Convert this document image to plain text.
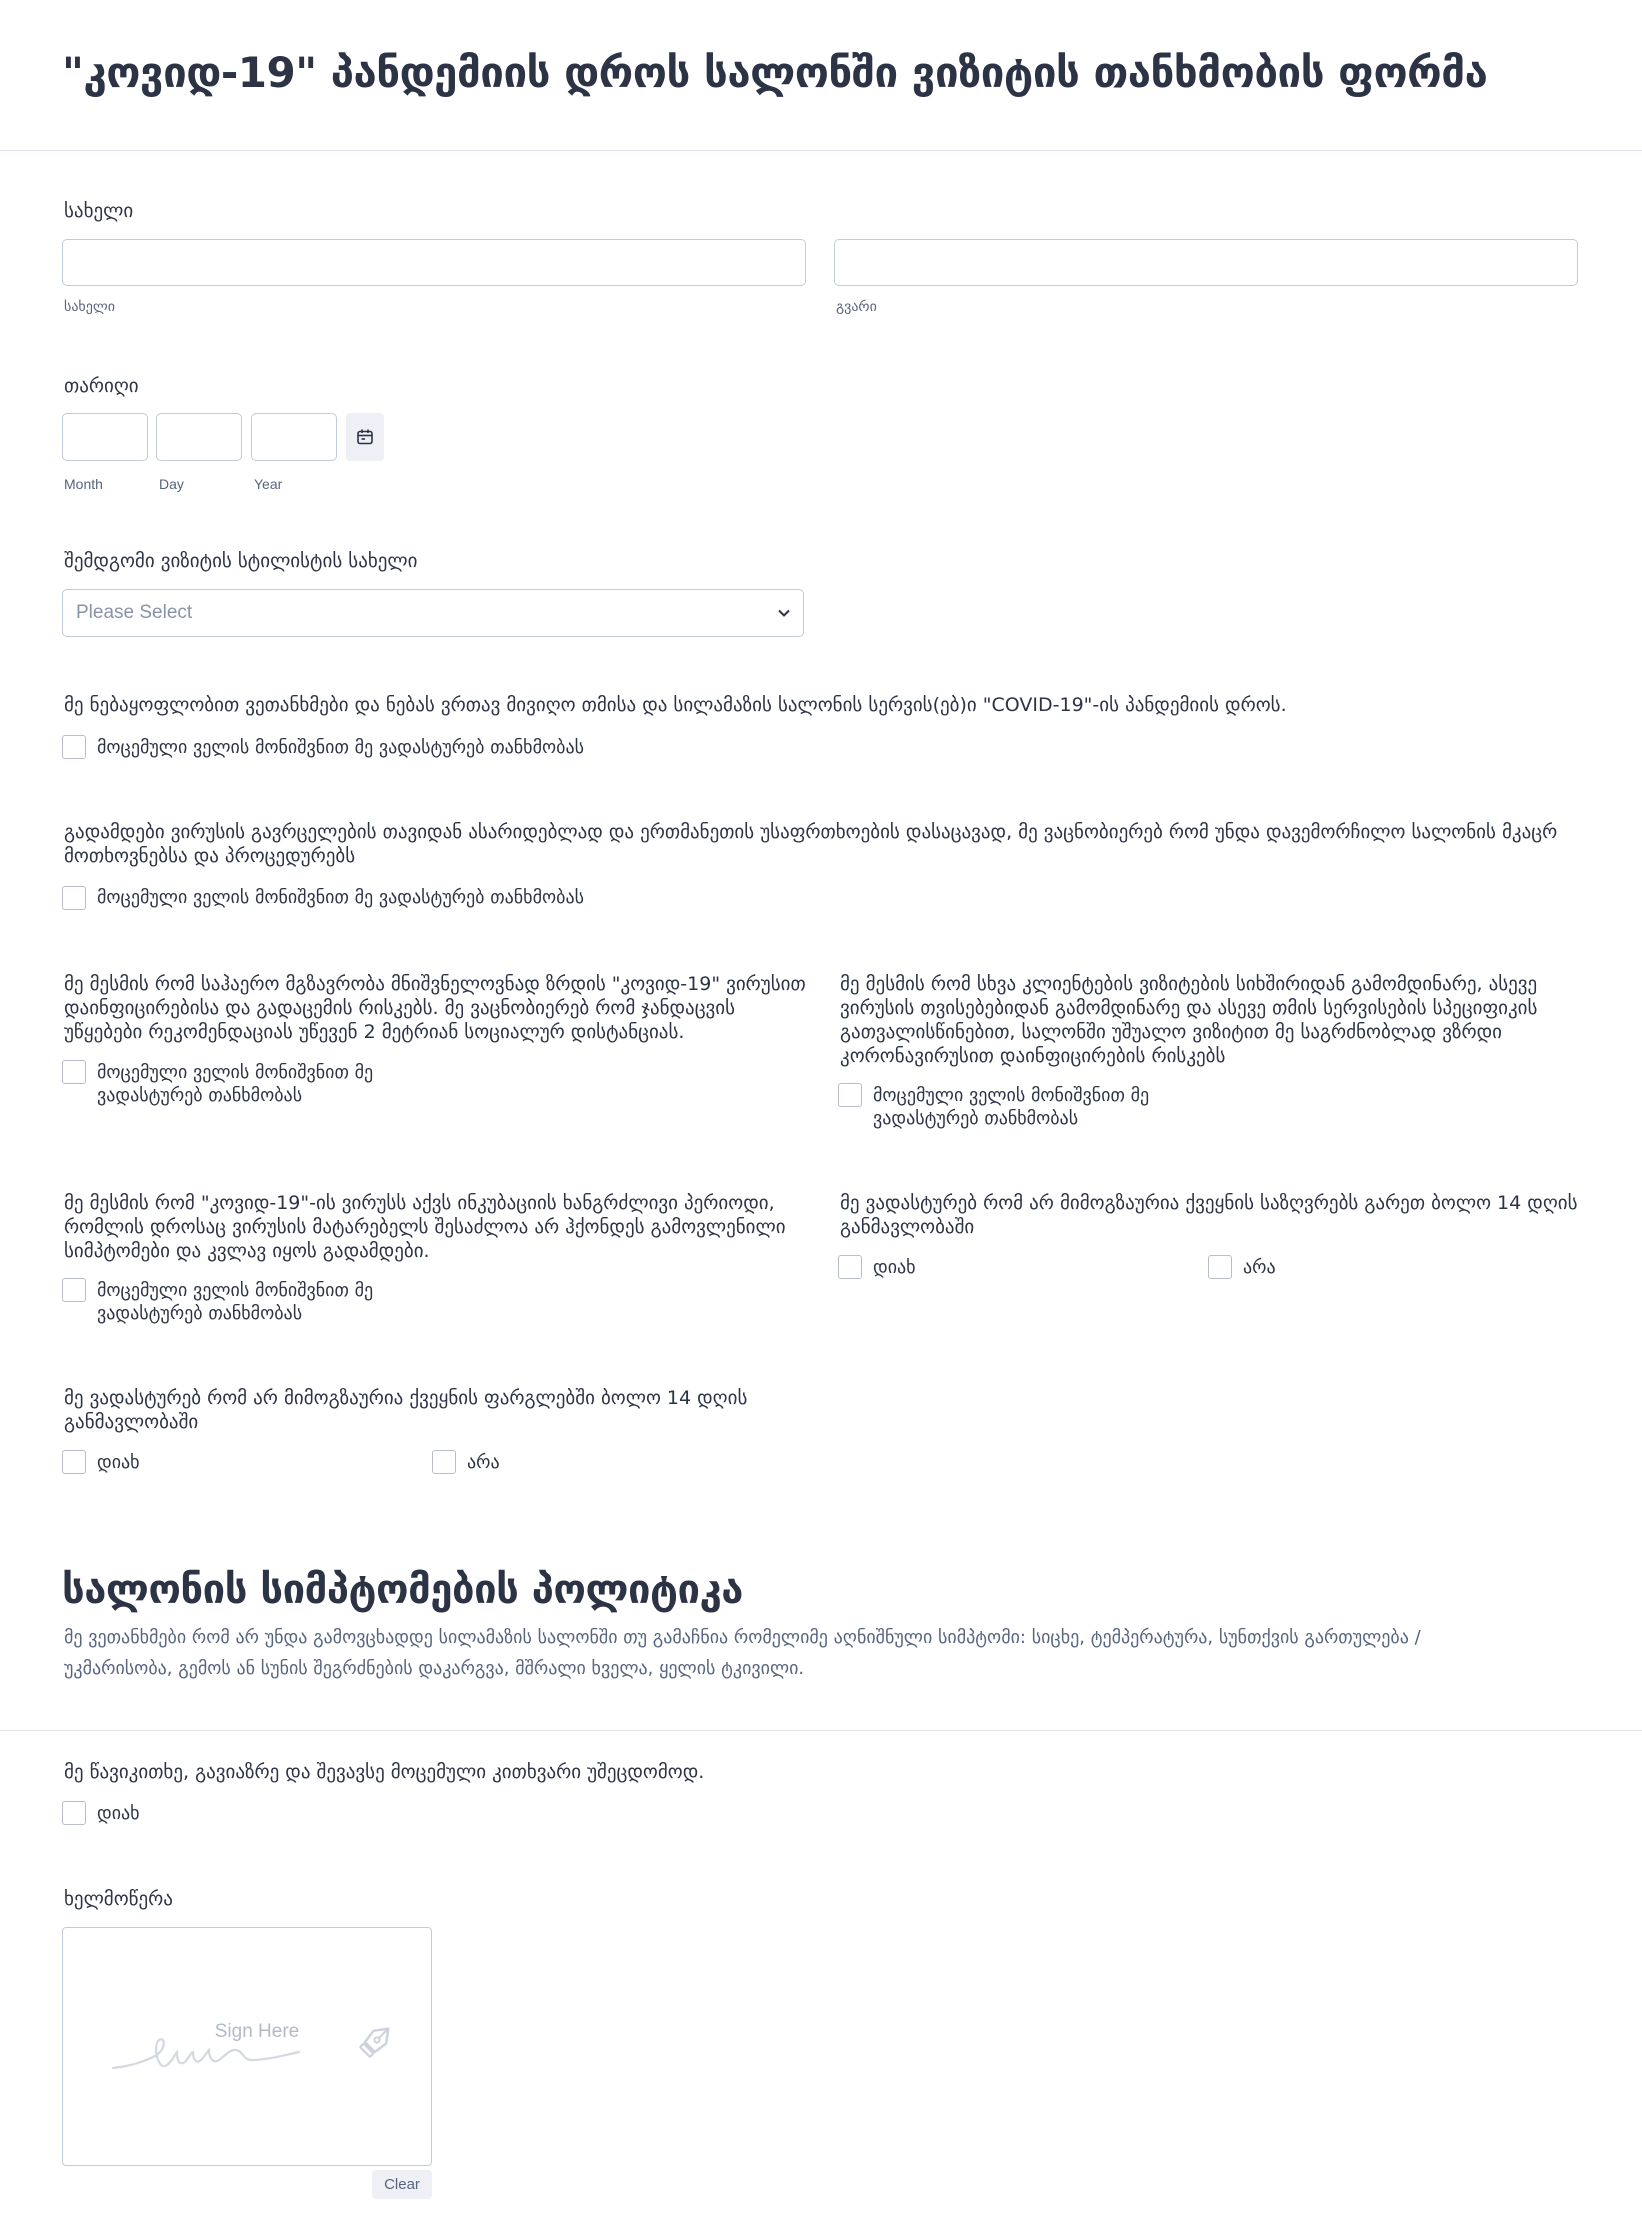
"კოვიდ-19" პანდემიის დროს სალონში ვიზიტის თანხმობის ფორმა
სახელი
სახელი	გვარი
თარიღი
Month	Day	Year
შემდგომი ვიზიტის სტილისტის სახელი
Please Select
მე ნებაყოფლობით ვეთანხმები და ნებას ვრთავ მივიღო თმისა და სილამაზის სალონის სერვის(ებ)ი "COVID-19"-ის პანდემიის დროს.
მოცემული ველის მონიშვნით მე ვადასტურებ თანხმობას
გადამდები ვირუსის გავრცელების თავიდან ასარიდებლად და ერთმანეთის უსაფრთხოების დასაცავად, მე ვაცნობიერებ რომ უნდა დავემორჩილო სალონის მკაცრ
მოთხოვნებსა და პროცედურებს
მოცემული ველის მონიშვნით მე ვადასტურებ თანხმობას
მე მესმის რომ საჰაერო მგზავრობა მნიშვნელოვნად ზრდის "კოვიდ-19" ვირუსით
დაინფიცირებისა და გადაცემის რისკებს. მე ვაცნობიერებ რომ ჯანდაცვის
უწყებები რეკომენდაციას უწევენ 2 მეტრიან სოციალურ დისტანციას.
მოცემული ველის მონიშვნით მე
ვადასტურებ თანხმობას
მე მესმის რომ სხვა კლიენტების ვიზიტების სიხშირიდან გამომდინარე, ასევე
ვირუსის თვისებებიდან გამომდინარე და ასევე თმის სერვისების სპეციფიკის
გათვალისწინებით, სალონში უშუალო ვიზიტით მე საგრძნობლად ვზრდი
კორონავირუსით დაინფიცირების რისკებს
მოცემული ველის მონიშვნით მე
ვადასტურებ თანხმობას
მე მესმის რომ "კოვიდ-19"-ის ვირუსს აქვს ინკუბაციის ხანგრძლივი პერიოდი,
რომლის დროსაც ვირუსის მატარებელს შესაძლოა არ ჰქონდეს გამოვლენილი
სიმპტომები და კვლავ იყოს გადამდები.
მოცემული ველის მონიშვნით მე
ვადასტურებ თანხმობას
მე ვადასტურებ რომ არ მიმოგზაურია ქვეყნის საზღვრებს გარეთ ბოლო 14 დღის
განმავლობაში
დიახ	არა
მე ვადასტურებ რომ არ მიმოგზაურია ქვეყნის ფარგლებში ბოლო 14 დღის
განმავლობაში
დიახ	არა
სალონის სიმპტომების პოლიტიკა
მე ვეთანხმები რომ არ უნდა გამოვცხადდე სილამაზის სალონში თუ გამაჩნია რომელიმე აღნიშნული სიმპტომი: სიცხე, ტემპერატურა, სუნთქვის გართულება /
უკმარისობა, გემოს ან სუნის შეგრძნების დაკარგვა, მშრალი ხველა, ყელის ტკივილი.
მე წავიკითხე, გავიაზრე და შევავსე მოცემული კითხვარი უშეცდომოდ.
დიახ
ხელმოწერა
Sign Here
Clear
